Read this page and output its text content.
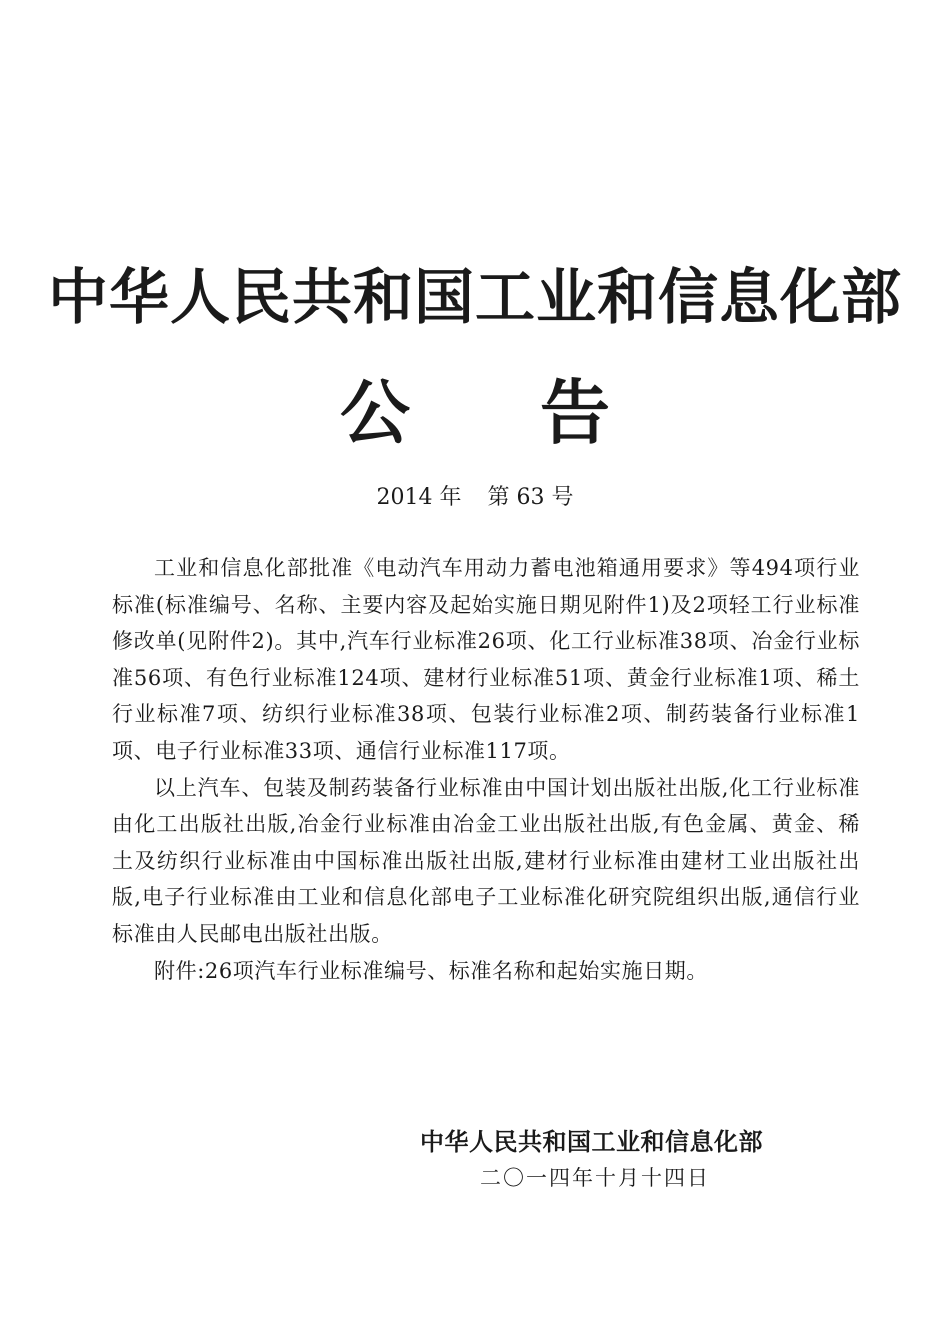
中华人民共和国工业和信息化部
公 告
2014 年 第 63 号

工业和信息化部批准《电动汽车用动力蓄电池箱通用要求》等494项行业标准(标准编号、名称、主要内容及起始实施日期见附件1)及2项轻工行业标准修改单(见附件2)。其中,汽车行业标准26项、化工行业标准38项、冶金行业标准56项、有色行业标准124项、建材行业标准51项、黄金行业标准1项、稀土行业标准7项、纺织行业标准38项、包装行业标准2项、制药装备行业标准1项、电子行业标准33项、通信行业标准117项。

以上汽车、包装及制药装备行业标准由中国计划出版社出版,化工行业标准由化工出版社出版,冶金行业标准由冶金工业出版社出版,有色金属、黄金、稀土及纺织行业标准由中国标准出版社出版,建材行业标准由建材工业出版社出版,电子行业标准由工业和信息化部电子工业标准化研究院组织出版,通信行业标准由人民邮电出版社出版。

附件:26项汽车行业标准编号、标准名称和起始实施日期。

中华人民共和国工业和信息化部
二〇一四年十月十四日
